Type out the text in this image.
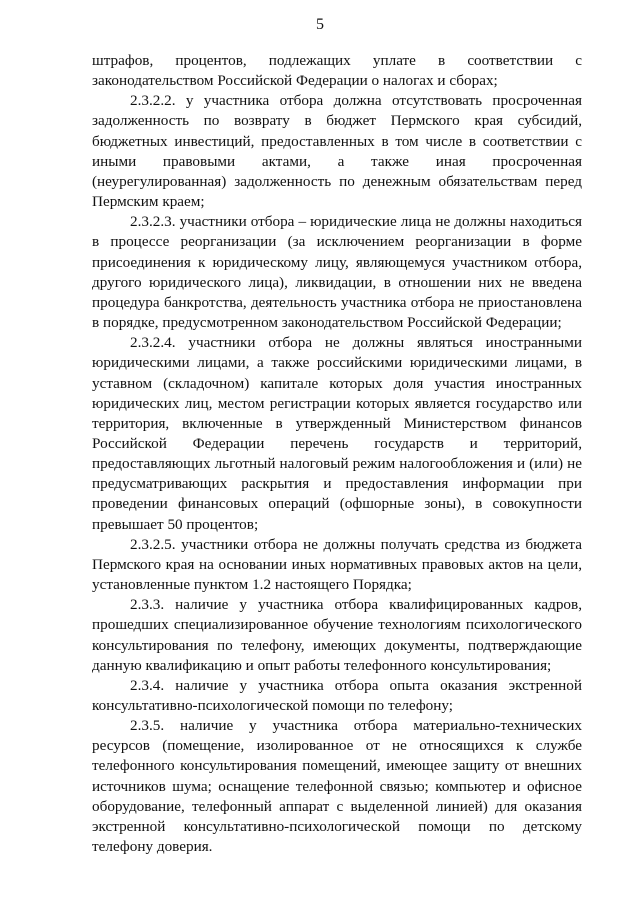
5

штрафов, процентов, подлежащих уплате в соответствии с законодательством Российской Федерации о налогах и сборах;

2.3.2.2. у участника отбора должна отсутствовать просроченная задолженность по возврату в бюджет Пермского края субсидий, бюджетных инвестиций, предоставленных в том числе в соответствии с иными правовыми актами, а также иная просроченная (неурегулированная) задолженность по денежным обязательствам перед Пермским краем;

2.3.2.3. участники отбора – юридические лица не должны находиться в процессе реорганизации (за исключением реорганизации в форме присоединения к юридическому лицу, являющемуся участником отбора, другого юридического лица), ликвидации, в отношении них не введена процедура банкротства, деятельность участника отбора не приостановлена в порядке, предусмотренном законодательством Российской Федерации;

2.3.2.4. участники отбора не должны являться иностранными юридическими лицами, а также российскими юридическими лицами, в уставном (складочном) капитале которых доля участия иностранных юридических лиц, местом регистрации которых является государство или территория, включенные в утвержденный Министерством финансов Российской Федерации перечень государств и территорий, предоставляющих льготный налоговый режим налогообложения и (или) не предусматривающих раскрытия и предоставления информации при проведении финансовых операций (офшорные зоны), в совокупности превышает 50 процентов;

2.3.2.5. участники отбора не должны получать средства из бюджета Пермского края на основании иных нормативных правовых актов на цели, установленные пунктом 1.2 настоящего Порядка;

2.3.3. наличие у участника отбора квалифицированных кадров, прошедших специализированное обучение технологиям психологического консультирования по телефону, имеющих документы, подтверждающие данную квалификацию и опыт работы телефонного консультирования;

2.3.4. наличие у участника отбора опыта оказания экстренной консультативно-психологической помощи по телефону;

2.3.5. наличие у участника отбора материально-технических ресурсов (помещение, изолированное от не относящихся к службе телефонного консультирования помещений, имеющее защиту от внешних источников шума; оснащение телефонной связью; компьютер и офисное оборудование, телефонный аппарат с выделенной линией) для оказания экстренной консультативно-психологической помощи по детскому телефону доверия.
